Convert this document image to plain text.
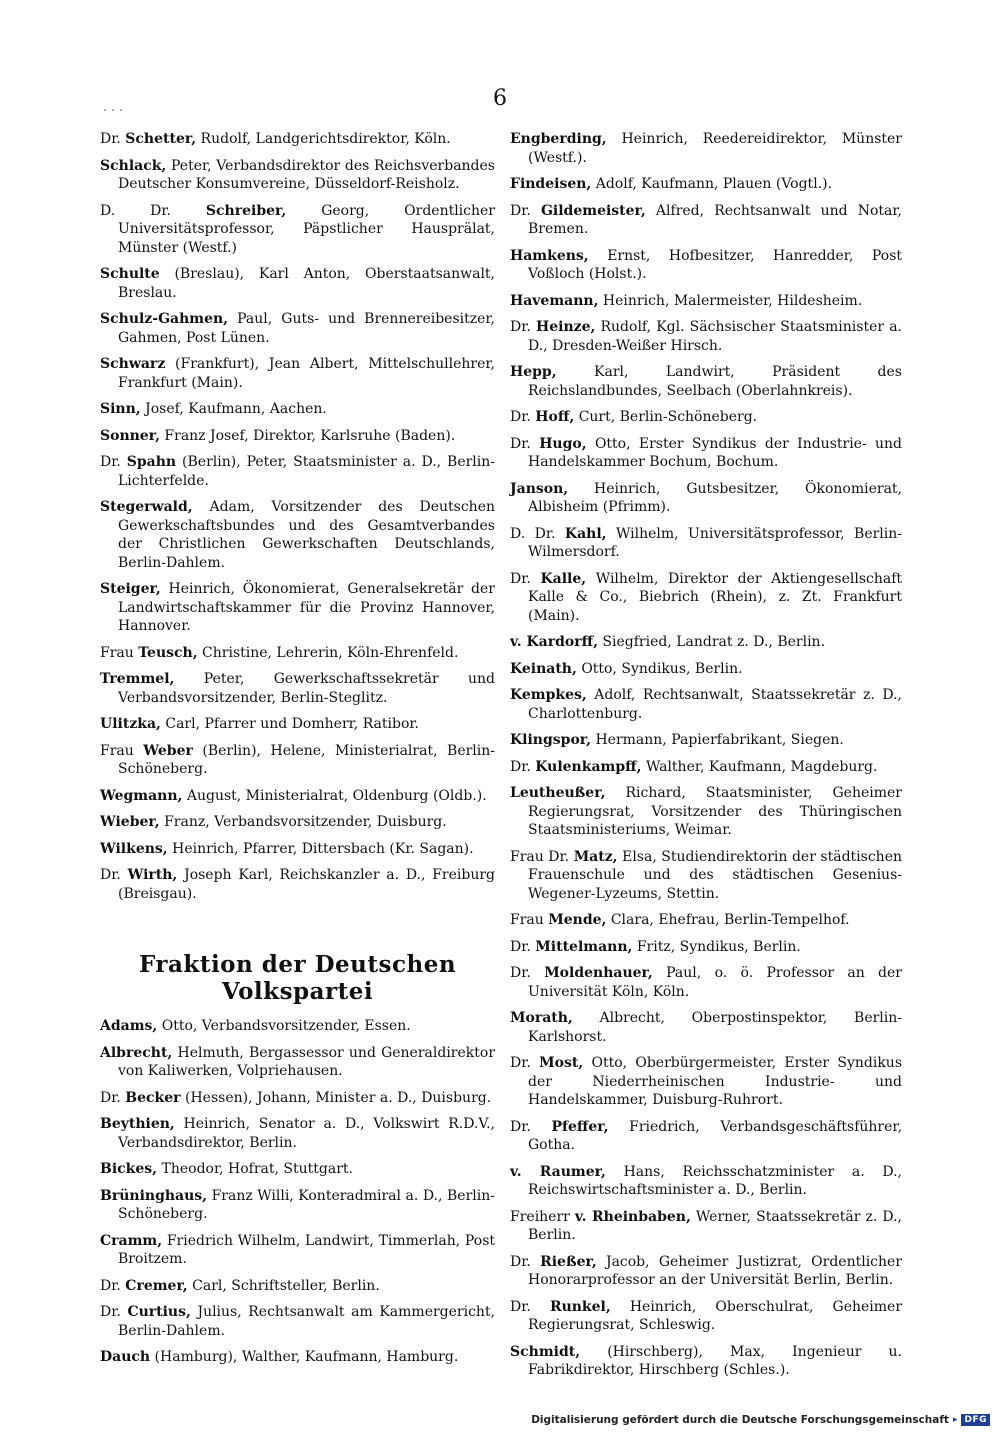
6
Dr. Schetter, Rudolf, Landgerichtsdirektor, Köln.
Schlack, Peter, Verbandsdirektor des Reichsverbandes Deutscher Konsumvereine, Düsseldorf-Reisholz.
D. Dr. Schreiber, Georg, Ordentlicher Universitätsprofessor, Päpstlicher Hausprälat, Münster (Westf.)
Schulte (Breslau), Karl Anton, Oberstaatsanwalt, Breslau.
Schulz-Gahmen, Paul, Guts- und Brennereibesitzer, Gahmen, Post Lünen.
Schwarz (Frankfurt), Jean Albert, Mittelschullehrer, Frankfurt (Main).
Sinn, Josef, Kaufmann, Aachen.
Sonner, Franz Josef, Direktor, Karlsruhe (Baden).
Dr. Spahn (Berlin), Peter, Staatsminister a. D., Berlin-Lichterfelde.
Stegerwald, Adam, Vorsitzender des Deutschen Gewerkschaftsbundes und des Gesamtverbandes der Christlichen Gewerkschaften Deutschlands, Berlin-Dahlem.
Steiger, Heinrich, Ökonomierat, Generalsekretär der Landwirtschaftskammer für die Provinz Hannover, Hannover.
Frau Teusch, Christine, Lehrerin, Köln-Ehrenfeld.
Tremmel, Peter, Gewerkschaftssekretär und Verbandsvorsitzender, Berlin-Steglitz.
Ulitzka, Carl, Pfarrer und Domherr, Ratibor.
Frau Weber (Berlin), Helene, Ministerialrat, Berlin-Schöneberg.
Wegmann, August, Ministerialrat, Oldenburg (Oldb.).
Wieber, Franz, Verbandsvorsitzender, Duisburg.
Wilkens, Heinrich, Pfarrer, Dittersbach (Kr. Sagan).
Dr. Wirth, Joseph Karl, Reichskanzler a. D., Freiburg (Breisgau).
Fraktion der Deutschen Volkspartei
Adams, Otto, Verbandsvorsitzender, Essen.
Albrecht, Helmuth, Bergassessor und Generaldirektor von Kaliwerken, Volpriehausen.
Dr. Becker (Hessen), Johann, Minister a. D., Duisburg.
Beythien, Heinrich, Senator a. D., Volkswirt R.D.V., Verbandsdirektor, Berlin.
Bickes, Theodor, Hofrat, Stuttgart.
Brüninghaus, Franz Willi, Konteradmiral a. D., Berlin-Schöneberg.
Cramm, Friedrich Wilhelm, Landwirt, Timmerlah, Post Broitzem.
Dr. Cremer, Carl, Schriftsteller, Berlin.
Dr. Curtius, Julius, Rechtsanwalt am Kammergericht, Berlin-Dahlem.
Dauch (Hamburg), Walther, Kaufmann, Hamburg.
Engberding, Heinrich, Reedereidirektor, Münster (Westf.).
Findeisen, Adolf, Kaufmann, Plauen (Vogtl.).
Dr. Gildemeister, Alfred, Rechtsanwalt und Notar, Bremen.
Hamkens, Ernst, Hofbesitzer, Hanredder, Post Voßloch (Holst.).
Havemann, Heinrich, Malermeister, Hildesheim.
Dr. Heinze, Rudolf, Kgl. Sächsischer Staatsminister a. D., Dresden-Weißer Hirsch.
Hepp,	Karl, Landwirt, Präsident des Reichslandbundes, Seelbach (Oberlahnkreis).
Dr. Hoff, Curt, Berlin-Schöneberg.
Dr. Hugo, Otto, Erster Syndikus der Industrie- und Handelskammer Bochum, Bochum.
Janson, Heinrich, Gutsbesitzer, Ökonomierat, Albisheim (Pfrimm).
D. Dr. Kahl, Wilhelm, Universitätsprofessor, Berlin-Wilmersdorf.
Dr. Kalle, Wilhelm, Direktor der Aktiengesellschaft Kalle & Co., Biebrich (Rhein), z. Zt. Frankfurt (Main).
v. Kardorff, Siegfried, Landrat z. D., Berlin.
Keinath, Otto, Syndikus, Berlin.
Kempkes, Adolf, Rechtsanwalt, Staatssekretär z. D., Charlottenburg.
Klingspor, Hermann, Papierfabrikant, Siegen.
Dr. Kulenkampff, Walther, Kaufmann, Magdeburg.
Leutheußer, Richard, Staatsminister, Geheimer Regierungsrat, Vorsitzender des Thüringischen Staatsministeriums, Weimar.
Frau Dr. Matz, Elsa, Studiendirektorin der städtischen Frauenschule und des städtischen Gesenius-Wegener-Lyzeums, Stettin.
Frau Mende, Clara, Ehefrau, Berlin-Tempelhof.
Dr. Mittelmann, Fritz, Syndikus, Berlin.
Dr. Moldenhauer, Paul, o. ö. Professor an der Universität Köln, Köln.
Morath, Albrecht, Oberpostinspektor, Berlin-Karlshorst.
Dr. Most, Otto, Oberbürgermeister, Erster Syndikus der Niederrheinischen Industrie- und Handelskammer, Duisburg-Ruhrort.
Dr. Pfeffer, Friedrich, Verbandsgeschäftsführer, Gotha.
v. Raumer, Hans, Reichsschatzminister a. D., Reichswirtschaftsminister a. D., Berlin.
Freiherr v. Rheinbaben, Werner, Staatssekretär z. D., Berlin.
Dr. Rießer, Jacob, Geheimer Justizrat, Ordentlicher Honorarprofessor an der Universität Berlin, Berlin.
Dr. Runkel, Heinrich, Oberschulrat, Geheimer Regierungsrat, Schleswig.
Schmidt, (Hirschberg), Max, Ingenieur u. Fabrikdirektor, Hirschberg (Schles.).
Digitalisierung gefördert durch die Deutsche Forschungsgemeinschaft ▸ DFG
